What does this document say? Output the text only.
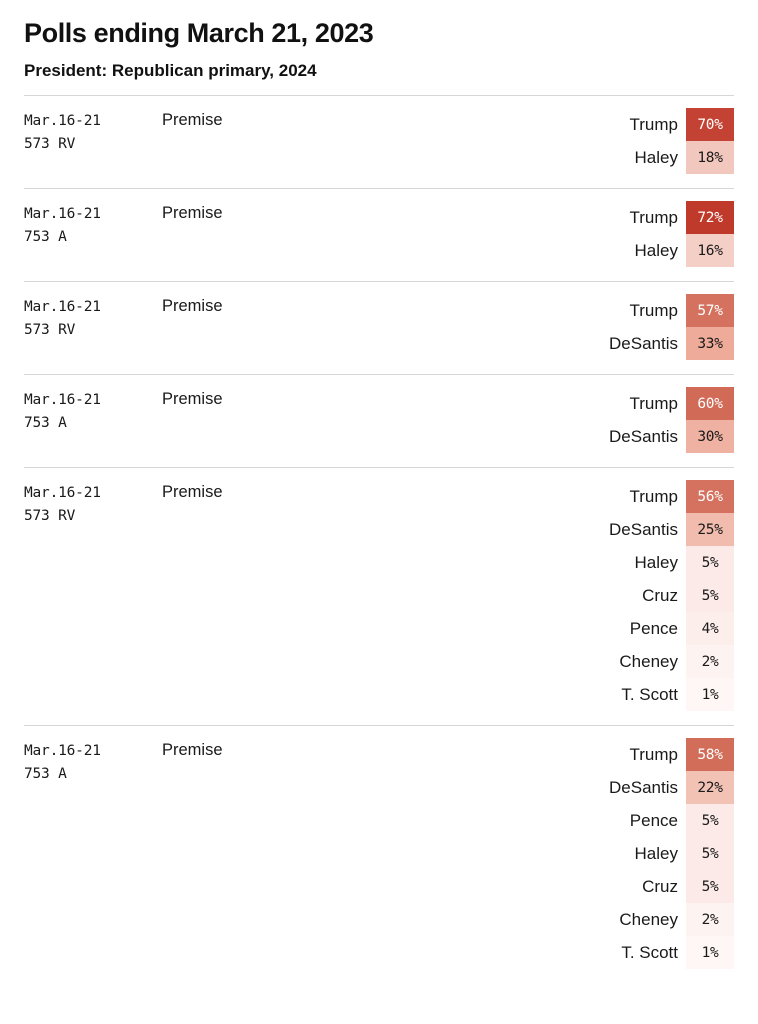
Polls ending March 21, 2023
President: Republican primary, 2024
Mar.16-21
573 RV
Premise	Trump	70%
Haley	18%
Mar.16-21
753 A
Premise	Trump	72%
Haley	16%
Mar.16-21
573 RV
Premise	Trump	57%
DeSantis	33%
Mar.16-21
753 A
Premise	Trump	60%
DeSantis	30%
Mar.16-21
573 RV
Premise	Trump	56%
DeSantis	25%
Haley	5%
Cruz	5%
Pence	4%
Cheney	2%
T. Scott	1%
Mar.16-21
753 A
Premise	Trump	58%
DeSantis	22%
Pence	5%
Haley	5%
Cruz	5%
Cheney	2%
T. Scott	1%
